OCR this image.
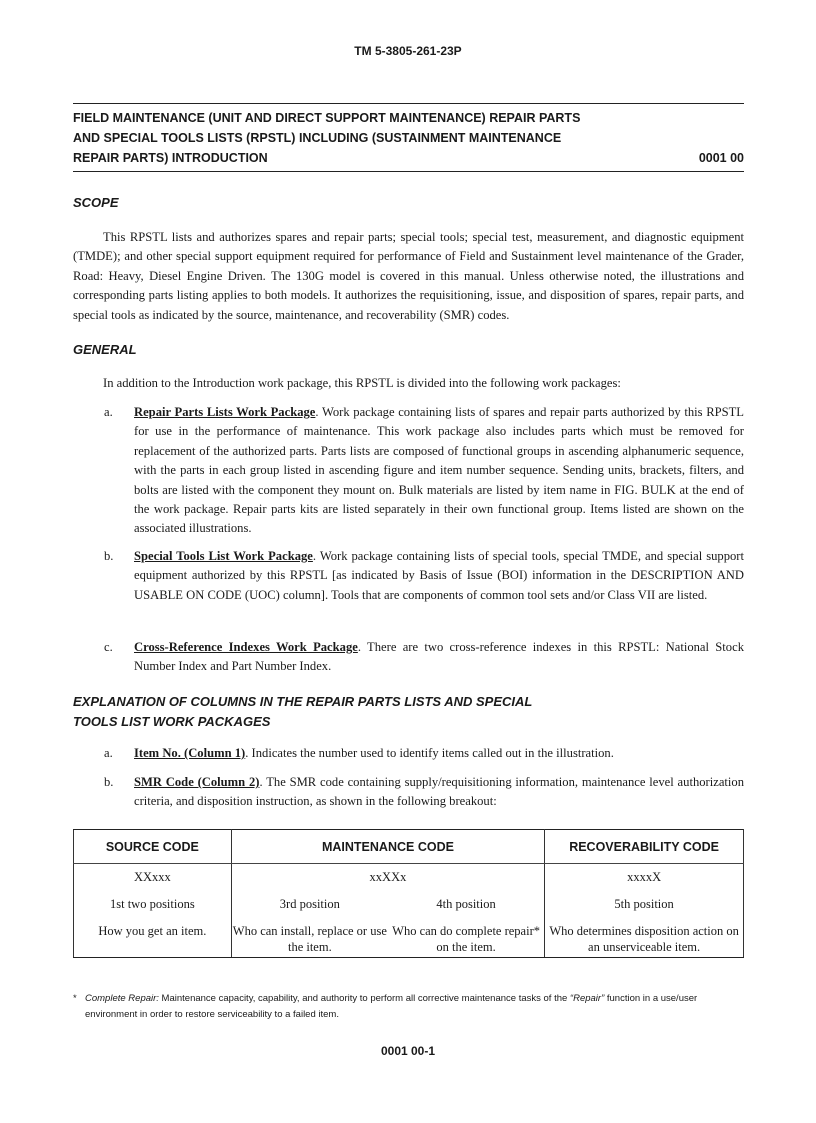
TM 5-3805-261-23P
FIELD MAINTENANCE (UNIT AND DIRECT SUPPORT MAINTENANCE) REPAIR PARTS
AND SPECIAL TOOLS LISTS (RPSTL) INCLUDING (SUSTAINMENT MAINTENANCE
REPAIR PARTS) INTRODUCTION	0001 00
SCOPE
This RPSTL lists and authorizes spares and repair parts; special tools; special test, measurement, and diagnostic equipment (TMDE); and other special support equipment required for performance of Field and Sustainment level maintenance of the Grader, Road: Heavy, Diesel Engine Driven. The 130G model is covered in this manual. Unless otherwise noted, the illustrations and corresponding parts listing applies to both models. It authorizes the requisitioning, issue, and disposition of spares, repair parts, and special tools as indicated by the source, maintenance, and recoverability (SMR) codes.
GENERAL
In addition to the Introduction work package, this RPSTL is divided into the following work packages:
a. Repair Parts Lists Work Package. Work package containing lists of spares and repair parts authorized by this RPSTL for use in the performance of maintenance. This work package also includes parts which must be removed for replacement of the authorized parts. Parts lists are composed of functional groups in ascending alphanumeric sequence, with the parts in each group listed in ascending figure and item number sequence. Sending units, brackets, filters, and bolts are listed with the component they mount on. Bulk materials are listed by item name in FIG. BULK at the end of the work package. Repair parts kits are listed separately in their own functional group. Items listed are shown on the associated illustrations.
b. Special Tools List Work Package. Work package containing lists of special tools, special TMDE, and special support equipment authorized by this RPSTL [as indicated by Basis of Issue (BOI) information in the DESCRIPTION AND USABLE ON CODE (UOC) column]. Tools that are components of common tool sets and/or Class VII are listed.
c. Cross-Reference Indexes Work Package. There are two cross-reference indexes in this RPSTL: National Stock Number Index and Part Number Index.
EXPLANATION OF COLUMNS IN THE REPAIR PARTS LISTS AND SPECIAL
TOOLS LIST WORK PACKAGES
a. Item No. (Column 1). Indicates the number used to identify items called out in the illustration.
b. SMR Code (Column 2). The SMR code containing supply/requisitioning information, maintenance level authorization criteria, and disposition instruction, as shown in the following breakout:
SOURCE CODE	MAINTENANCE CODE		RECOVERABILITY CODE
XXxxx	xxXXx		xxxxX
1st two positions	3rd position	4th position	5th position
How you get an item.	Who can install, replace or use the item.	Who can do complete repair* on the item.	Who determines disposition action on an unserviceable item.
* Complete Repair: Maintenance capacity, capability, and authority to perform all corrective maintenance tasks of the “Repair” function in a use/user environment in order to restore serviceability to a failed item.
0001 00-1
